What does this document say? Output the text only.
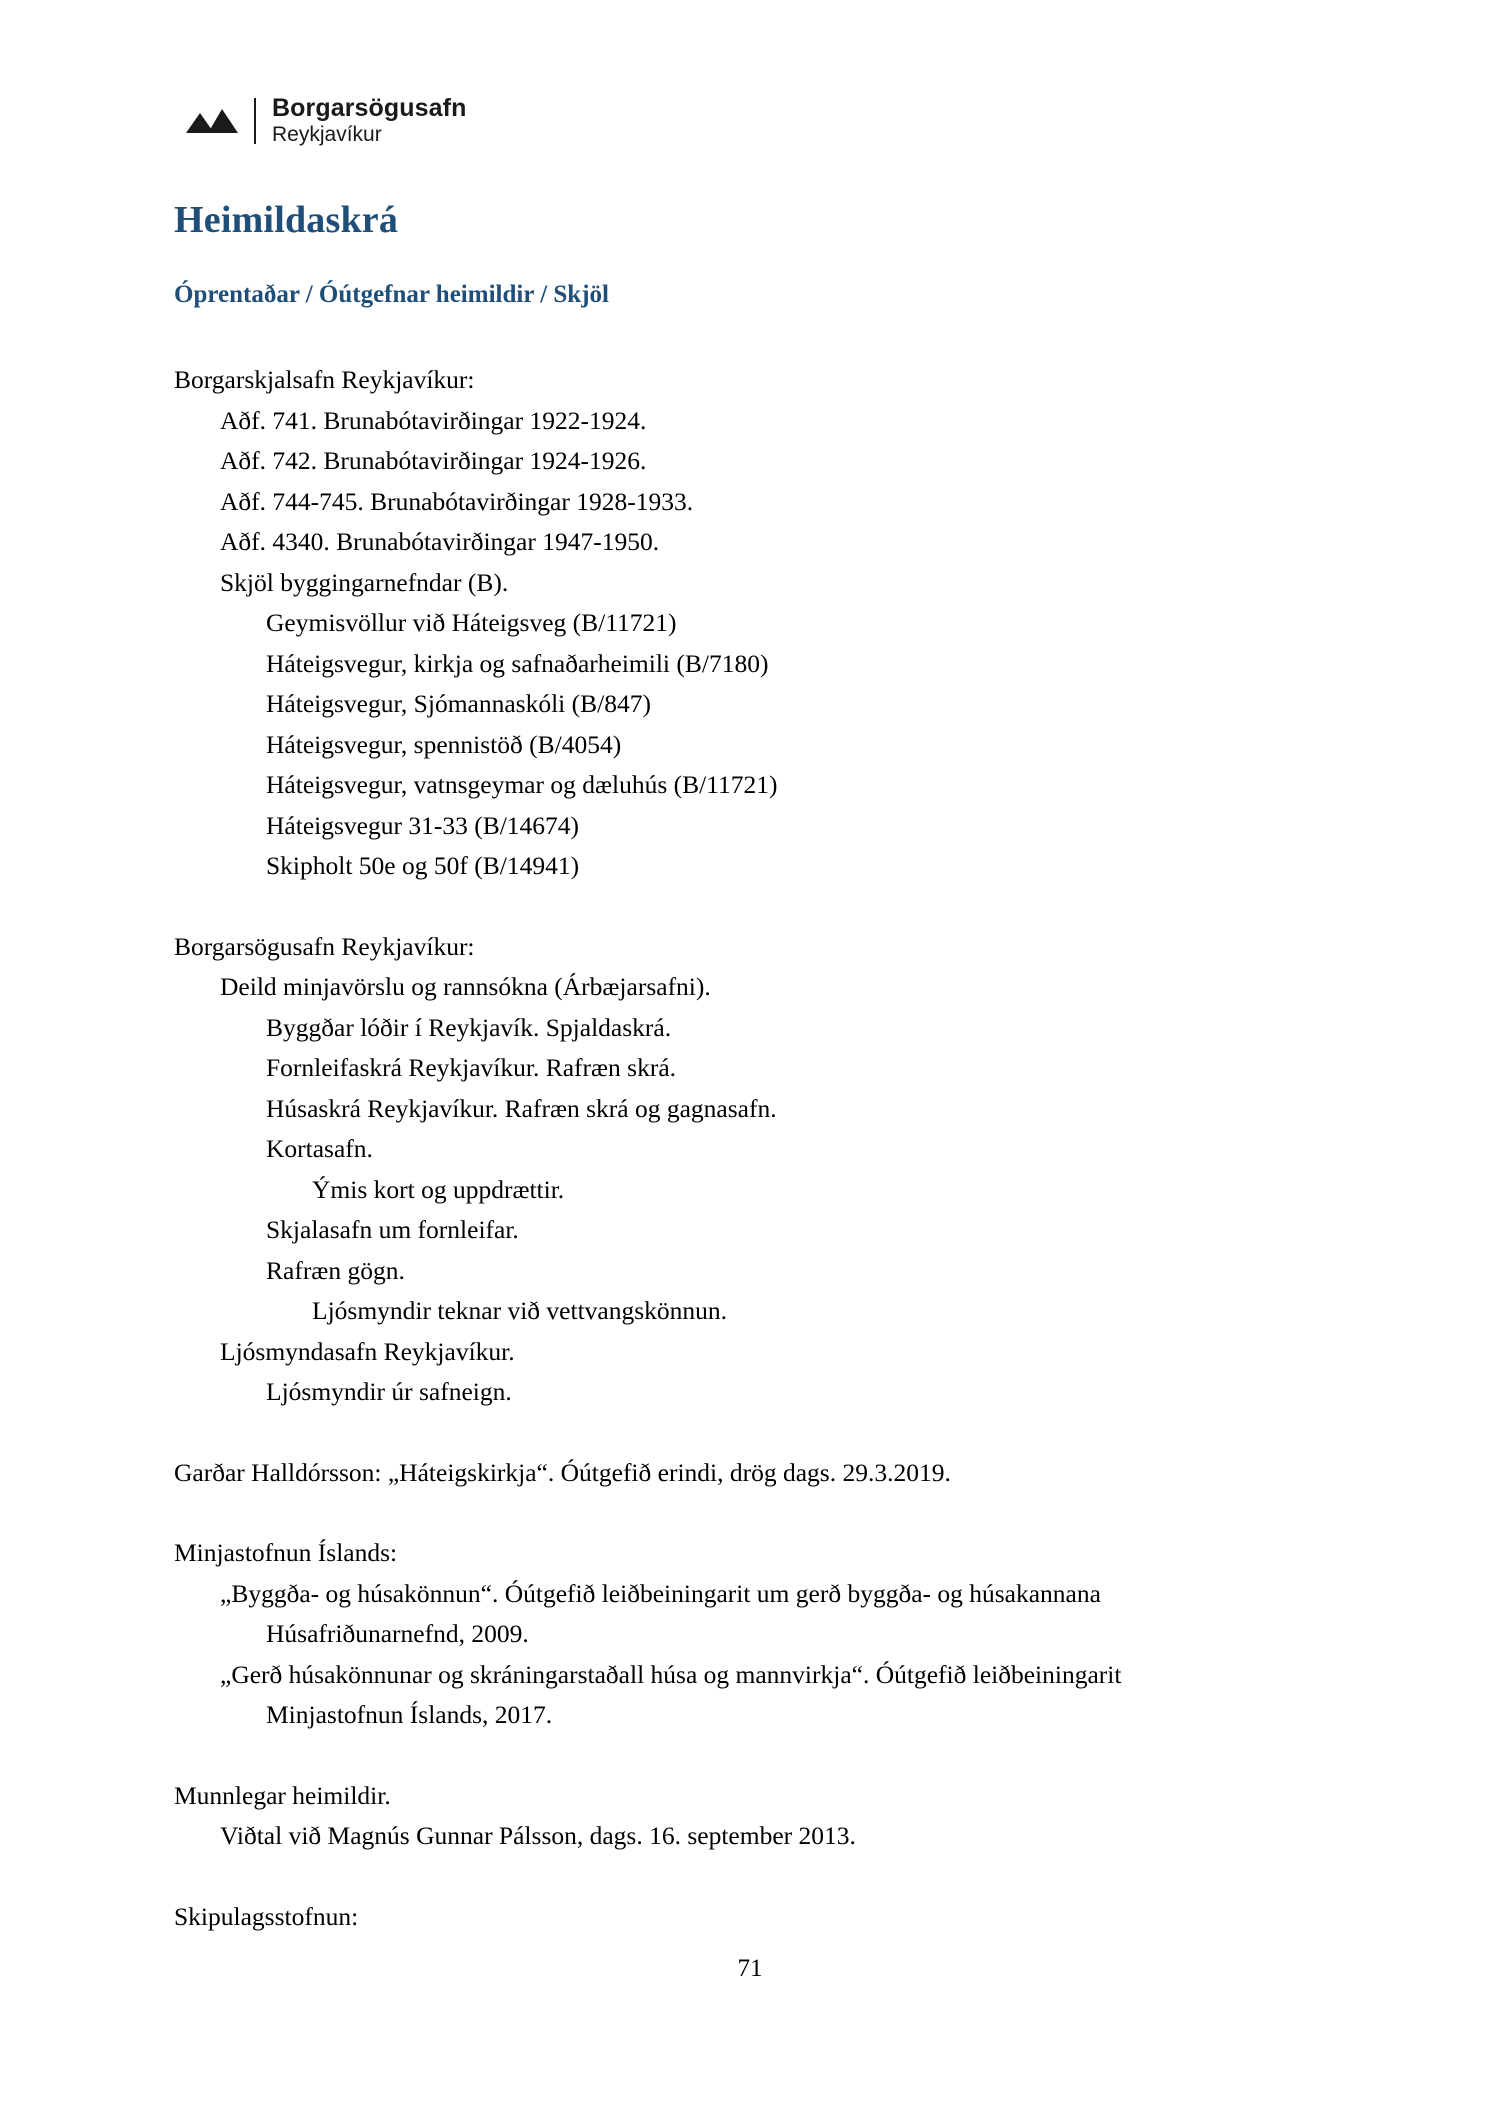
Borgarsögusafn
Reykjavíkur
Heimildaskrá
Óprentaðar / Óútgefnar heimildir / Skjöl
Borgarskjalsafn Reykjavíkur:
Aðf. 741. Brunabótavirðingar 1922-1924.
Aðf. 742. Brunabótavirðingar 1924-1926.
Aðf. 744-745. Brunabótavirðingar 1928-1933.
Aðf. 4340. Brunabótavirðingar 1947-1950.
Skjöl byggingarnefndar (B).
Geymisvöllur við Háteigsveg (B/11721)
Háteigsvegur, kirkja og safnaðarheimili (B/7180)
Háteigsvegur, Sjómannaskóli (B/847)
Háteigsvegur, spennistöð (B/4054)
Háteigsvegur, vatnsgeymar og dæluhús (B/11721)
Háteigsvegur 31-33 (B/14674)
Skipholt 50e og 50f (B/14941)
Borgarsögusafn Reykjavíkur:
Deild minjavörslu og rannsókna (Árbæjarsafni).
Byggðar lóðir í Reykjavík. Spjaldaskrá.
Fornleifaskrá Reykjavíkur. Rafræn skrá.
Húsaskrá Reykjavíkur. Rafræn skrá og gagnasafn.
Kortasafn.
Ýmis kort og uppdrættir.
Skjalasafn um fornleifar.
Rafræn gögn.
Ljósmyndir teknar við vettvangskönnun.
Ljósmyndasafn Reykjavíkur.
Ljósmyndir úr safneign.
Garðar Halldórsson: „Háteigskirkja“. Óútgefið erindi, drög dags. 29.3.2019.
Minjastofnun Íslands:
„Byggða- og húsakönnun“. Óútgefið leiðbeiningarit um gerð byggða- og húsakannana
Húsafriðunarnefnd, 2009.
„Gerð húsakönnunar og skráningarstaðall húsa og mannvirkja“. Óútgefið leiðbeiningarit
Minjastofnun Íslands, 2017.
Munnlegar heimildir.
Viðtal við Magnús Gunnar Pálsson, dags. 16. september 2013.
Skipulagsstofnun:
71
